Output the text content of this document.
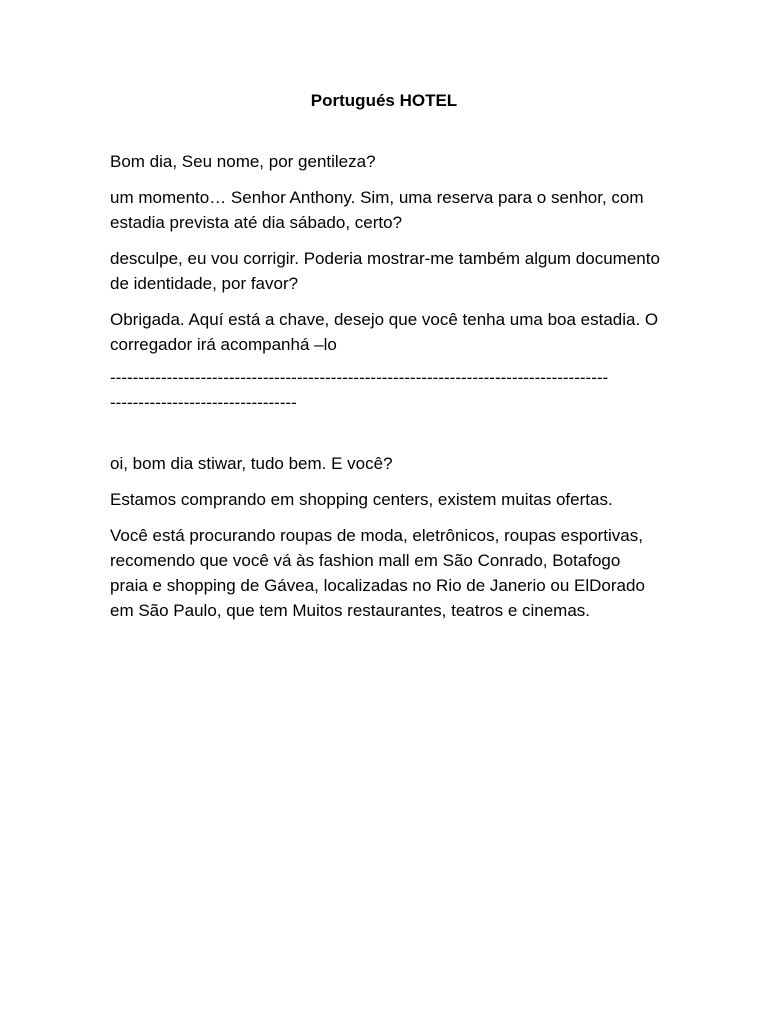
Portugués HOTEL

Bom dia, Seu nome, por gentileza?

um momento… Senhor Anthony. Sim, uma reserva para o senhor, com estadia prevista até dia sábado, certo?

desculpe, eu vou corrigir. Poderia mostrar-me também algum documento de identidade, por favor?

Obrigada. Aquí está a chave, desejo que você tenha uma boa estadia. O corregador irá acompanhá –lo

----------------------------------------------------------------------------------------
---------------------------------

oi, bom dia stiwar, tudo bem. E você?

Estamos comprando em shopping centers, existem muitas ofertas.

Você está procurando roupas de moda, eletrônicos, roupas esportivas, recomendo que você vá às fashion mall em São Conrado, Botafogo praia e shopping de Gávea, localizadas no Rio de Janerio ou ElDorado em São Paulo, que tem Muitos restaurantes, teatros e cinemas.
